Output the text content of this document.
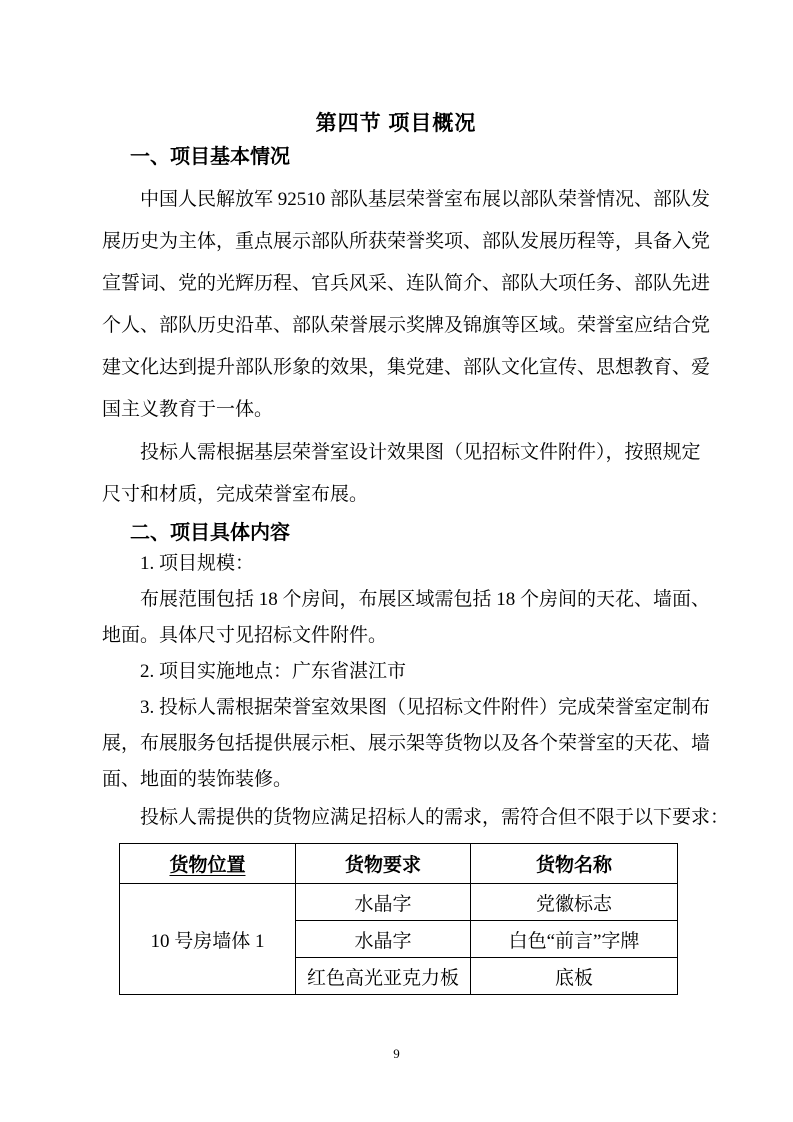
第四节 项目概况
一、项目基本情况
中国人民解放军 92510 部队基层荣誉室布展以部队荣誉情况、部队发
展历史为主体，重点展示部队所获荣誉奖项、部队发展历程等，具备入党
宣誓词、党的光辉历程、官兵风采、连队简介、部队大项任务、部队先进
个人、部队历史沿革、部队荣誉展示奖牌及锦旗等区域。荣誉室应结合党
建文化达到提升部队形象的效果，集党建、部队文化宣传、思想教育、爱
国主义教育于一体。
投标人需根据基层荣誉室设计效果图（见招标文件附件），按照规定
尺寸和材质，完成荣誉室布展。
二、项目具体内容
1. 项目规模：
布展范围包括 18 个房间，布展区域需包括 18 个房间的天花、墙面、
地面。具体尺寸见招标文件附件。
2. 项目实施地点：广东省湛江市
3. 投标人需根据荣誉室效果图（见招标文件附件）完成荣誉室定制布
展，布展服务包括提供展示柜、展示架等货物以及各个荣誉室的天花、墙
面、地面的装饰装修。
投标人需提供的货物应满足招标人的需求，需符合但不限于以下要求：
货物位置	货物要求	货物名称
10 号房墙体 1	水晶字	党徽标志
	水晶字	白色“前言”字牌
	红色高光亚克力板	底板
9
